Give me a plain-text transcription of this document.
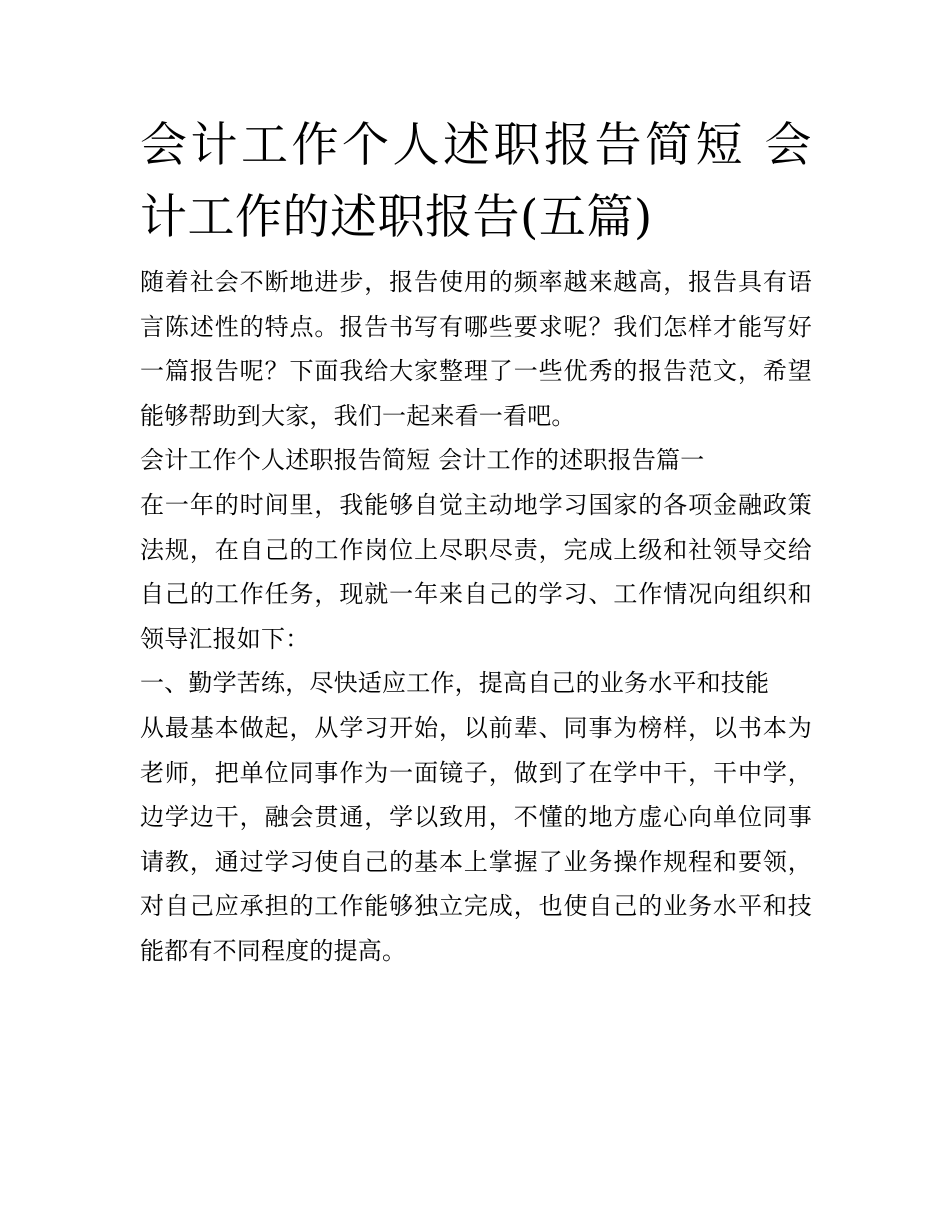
会计工作个人述职报告简短 会计工作的述职报告(五篇)

随着社会不断地进步，报告使用的频率越来越高，报告具有语言陈述性的特点。报告书写有哪些要求呢？我们怎样才能写好一篇报告呢？下面我给大家整理了一些优秀的报告范文，希望能够帮助到大家，我们一起来看一看吧。

会计工作个人述职报告简短 会计工作的述职报告篇一

在一年的时间里，我能够自觉主动地学习国家的各项金融政策法规，在自己的工作岗位上尽职尽责，完成上级和社领导交给自己的工作任务，现就一年来自己的学习、工作情况向组织和领导汇报如下：

一、勤学苦练，尽快适应工作，提高自己的业务水平和技能

从最基本做起，从学习开始，以前辈、同事为榜样，以书本为老师，把单位同事作为一面镜子，做到了在学中干，干中学，边学边干，融会贯通，学以致用，不懂的地方虚心向单位同事请教，通过学习使自己的基本上掌握了业务操作规程和要领，对自己应承担的工作能够独立完成，也使自己的业务水平和技能都有不同程度的提高。
